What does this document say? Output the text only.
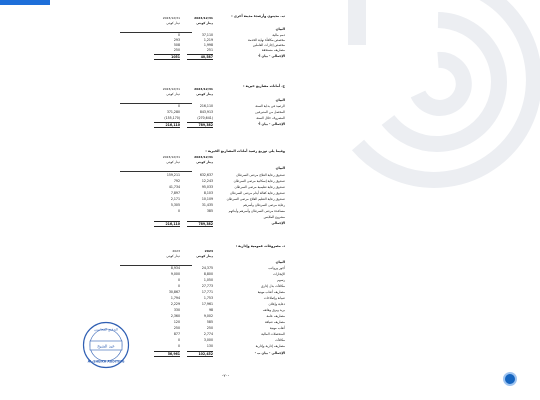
ب. مدينون وأرصدة مدينة أخرى :
2023/12/31	2024/12/31
دينار كويتي	دينار كويتي
البيان
0	37,110	ذمم مالية
293	1,219	مخصص مكافأة نهاية الخدمة
508	1,998	مخصص إجازات العاملين
250	251	مصاريف مستحقة
1051	40,587	الإجمالي - بيان أ-
ج. أمانات مشاريع خيرية :
2023/12/31	2024/12/31
دينار كويتي	دينار كويتي
البيان
0	216,110	الرصيد في بداية السنة
371,280	843,913	المحصل من المتبرعين
(155,170)	(270,641)	المصروف خلال السنة
216,110	789,382	الإجمالي - بيان أ-
وفيما يلي توزيع رصيد أمانات المشاريع الخيرية :
2023/12/31	2024/12/31
دينار كويتي	دينار كويتي
البيان
159,211	632,637	صندوق رعاية العلاج مرضى السرطان
792	12,243	صندوق رعاية إسكانية مرضى السرطان
41,734	95,033	صندوق رعاية تعليمية مرضى السرطان
7,897	8,103	صندوق رعاية كفالة أيتام مرضى السرطان
2,171	10,109	صندوق رعاية التعليم العلاج مرضى السرطان
5,305	31,435	رعاية مرضى السرطان وأسرهم
0	385	مساعدة مرضى السرطان وأسرهم وأبنائهم
مشروع الملابس
216,110	789,382	الإجمالي
د. مصروفات عمومية وإدارية :
2023	2024
دينار كويتي	دينار كويتي
البيان
8,934	24,375	أجور ورواتب
9,000	8,800	الإيجارات
0	1,050	رسوم
0	27,773	مكافآت بدل إداري
30,867	17,771	مصاريف أتعاب مهنية
1,794	1,753	صيانة وإصلاحات
2,229	17,961	دعاية وإعلان
330	98	بريد وبرق وهاتف
2,360	9,002	مصاريف عامة
120	585	مصاريف ضيافة
250	250	أتعاب مهنية
877	2,774	المتحصلات المالية
0	3,000	مكافآت
0	130	مصاريف إدارية وإدارية
56,961	102,452	الإجمالي - بيان ب -
عبد الشيخ
التدقيق المحاسبي
AL-SHEIKH AUDITING
-٢٠-
